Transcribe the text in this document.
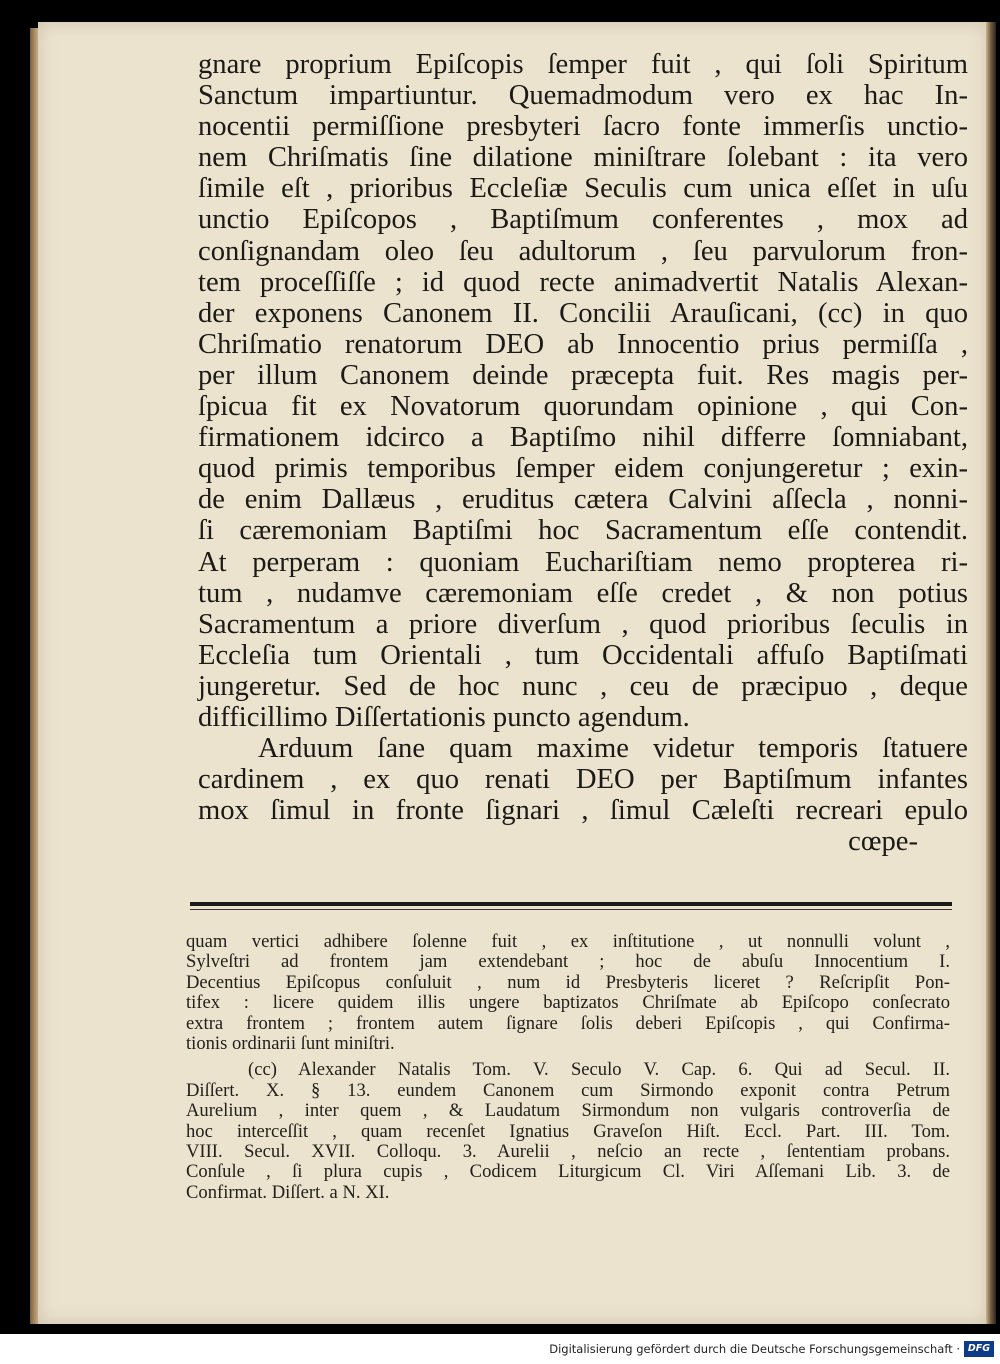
gnare proprium Epiſcopis ſemper fuit , qui ſoli Spiritum
Sanctum impartiuntur. Quemadmodum vero ex hac In-
nocentii permiſſione presbyteri ſacro fonte immerſis unctio-
nem Chriſmatis ſine dilatione miniſtrare ſolebant : ita vero
ſimile eſt , prioribus Eccleſiæ Seculis cum unica eſſet in uſu
unctio Epiſcopos , Baptiſmum conferentes , mox ad
conſignandam oleo ſeu adultorum , ſeu parvulorum fron-
tem proceſſiſſe ; id quod recte animadvertit Natalis Alexan-
der exponens Canonem II. Concilii Arauſicani, (cc) in quo
Chriſmatio renatorum DEO ab Innocentio prius permiſſa ,
per illum Canonem deinde præcepta fuit. Res magis per-
ſpicua fit ex Novatorum quorundam opinione , qui Con-
firmationem idcirco a Baptiſmo nihil differre ſomniabant,
quod primis temporibus ſemper eidem conjungeretur ; exin-
de enim Dallæus , eruditus cætera Calvini aſſecla , nonni-
ſi cæremoniam Baptiſmi hoc Sacramentum eſſe contendit.
At perperam : quoniam Euchariſtiam nemo propterea ri-
tum , nudamve cæremoniam eſſe credet , & non potius
Sacramentum a priore diverſum , quod prioribus ſeculis in
Eccleſia tum Orientali , tum Occidentali affuſo Baptiſmati
jungeretur. Sed de hoc nunc , ceu de præcipuo , deque
difficillimo Diſſertationis puncto agendum.
Arduum ſane quam maxime videtur temporis ſtatuere
cardinem , ex quo renati DEO per Baptiſmum infantes
mox ſimul in fronte ſignari , ſimul Cæleſti recreari epulo
cœpe-
quam vertici adhibere ſolenne fuit , ex inſtitutione , ut nonnulli volunt ,
Sylveſtri ad frontem jam extendebant ; hoc de abuſu Innocentium I.
Decentius Epiſcopus conſuluit , num id Presbyteris liceret ? Reſcripſit Pon-
tifex : licere quidem illis ungere baptizatos Chriſmate ab Epiſcopo conſecrato
extra frontem ; frontem autem ſignare ſolis deberi Epiſcopis , qui Confirma-
tionis ordinarii ſunt miniſtri.
(cc) Alexander Natalis Tom. V. Seculo V. Cap. 6. Qui ad Secul. II.
Diſſert. X. § 13. eundem Canonem cum Sirmondo exponit contra Petrum
Aurelium , inter quem , & Laudatum Sirmondum non vulgaris controverſia de
hoc interceſſit , quam recenſet Ignatius Graveſon Hiſt. Eccl. Part. III. Tom.
VIII. Secul. XVII. Colloqu. 3. Aurelii , neſcio an recte , ſententiam probans.
Conſule , ſi plura cupis , Codicem Liturgicum Cl. Viri Aſſemani Lib. 3. de
Confirmat. Diſſert. a N. XI.
Digitalisierung gefördert durch die Deutsche Forschungsgemeinschaft · DFG
